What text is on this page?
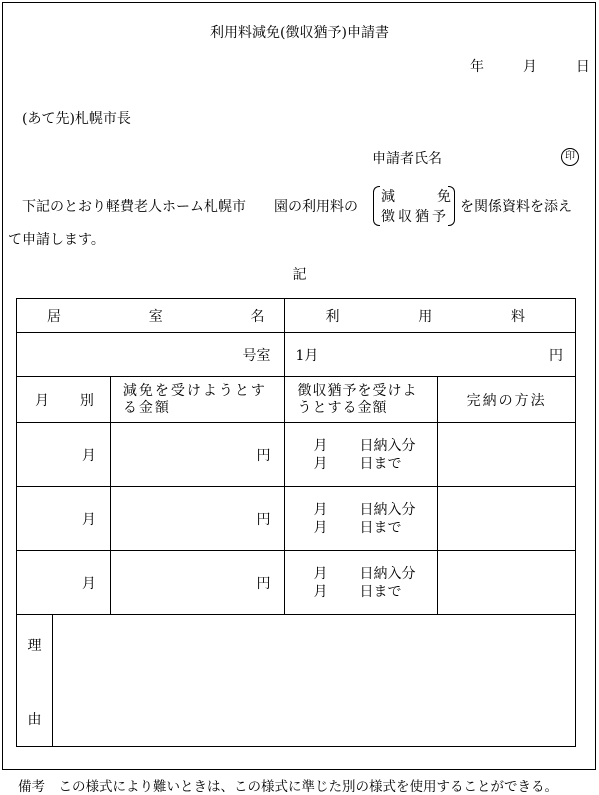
利用料減免(徴収猶予)申請書
年	月	日
(あて先)札幌市長
申請者氏名	印
下記のとおり軽費老人ホーム札幌市　　園の利用料の
減	免
徴収猶予
を関係資料を添え
て申請します。
記
居 室 名			利 用 料	

号室			1月 円	

月 別		減免を受けようとする金額	徴収猶予を受けようとする金額	完納の方法
月		円	月 日納入分
月 日まで	

月		円	月 日納入分
月 日まで	

月		円	月 日納入分
月 日まで	

理
由				

備考　この様式により難いときは、この様式に準じた別の様式を使用することができる。
